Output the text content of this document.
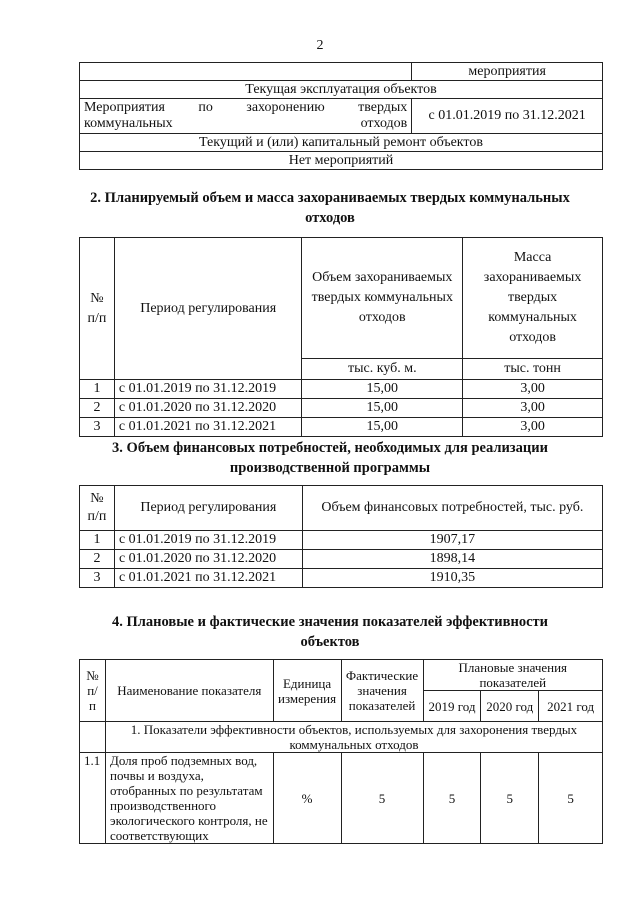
2
	мероприятия
Текущая эксплуатация объектов	

Мероприятия по захоронению твердых коммунальных отходов	с 01.01.2019 по 31.12.2021
Текущий и (или) капитальный ремонт объектов	
Нет мероприятий	
2. Планируемый объем и масса захораниваемых твердых коммунальных
отходов
№ п/п	Период регулирования	Объем захораниваемых твердых коммунальных отходов	Масса захораниваемых твердых коммунальных отходов
		тыс. куб. м.	тыс. тонн
1	с 01.01.2019 по 31.12.2019	15,00	3,00
2	с 01.01.2020 по 31.12.2020	15,00	3,00
3	с 01.01.2021 по 31.12.2021	15,00	3,00
3. Объем финансовых потребностей, необходимых для реализации
производственной программы
№ п/п	Период регулирования	Объем финансовых потребностей, тыс. руб.
1	с 01.01.2019 по 31.12.2019	1907,17
2	с 01.01.2020 по 31.12.2020	1898,14
3	с 01.01.2021 по 31.12.2021	1910,35
4. Плановые и фактические значения показателей эффективности
объектов
№ п/п	Наименование показателя	Единица измерения	Фактические значения показателей	Плановые значения показателей		
				2019 год	2020 год	2021 год
	1. Показатели эффективности объектов, используемых для захоронения твердых коммунальных отходов					
1.1	Доля проб подземных вод, почвы и воздуха, отобранных по результатам производственного экологического контроля, не соответствующих	%	5	5	5	5
